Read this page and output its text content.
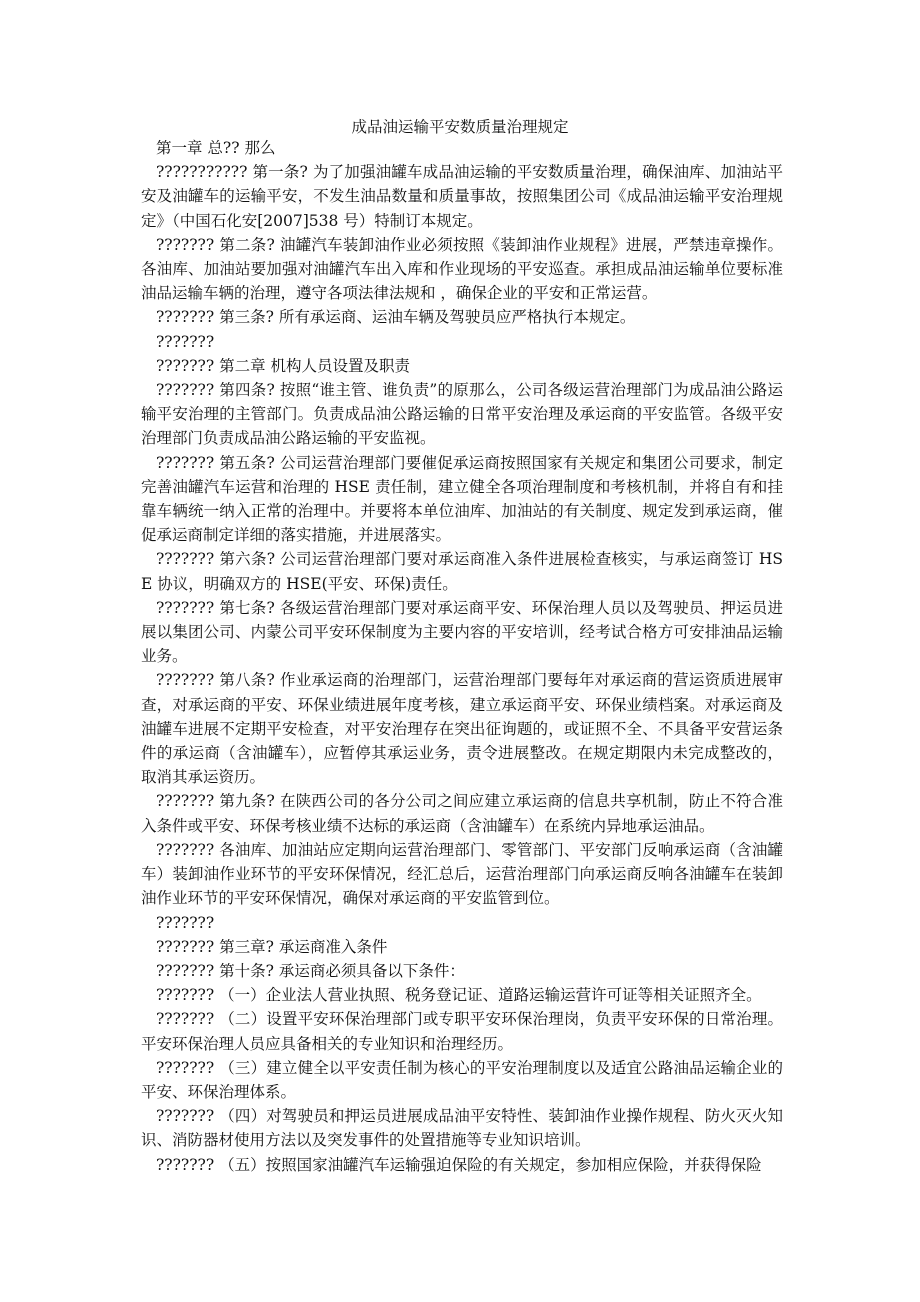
成品油运输平安数质量治理规定

第一章 总?? 那么

??????????? 第一条? 为了加强油罐车成品油运输的平安数质量治理，确保油库、加油站平安及油罐车的运输平安，不发生油品数量和质量事故，按照集团公司《成品油运输平安治理规定》（中国石化安[2007]538 号）特制订本规定。

??????? 第二条? 油罐汽车装卸油作业必须按照《装卸油作业规程》进展，严禁违章操作。各油库、加油站要加强对油罐汽车出入库和作业现场的平安巡查。承担成品油运输单位要标准油品运输车辆的治理，遵守各项法律法规和 ，确保企业的平安和正常运营。

??????? 第三条? 所有承运商、运油车辆及驾驶员应严格执行本规定。

???????

??????? 第二章 机构人员设置及职责

??????? 第四条? 按照“谁主管、谁负责”的原那么，公司各级运营治理部门为成品油公路运输平安治理的主管部门。负责成品油公路运输的日常平安治理及承运商的平安监管。各级平安治理部门负责成品油公路运输的平安监视。

??????? 第五条? 公司运营治理部门要催促承运商按照国家有关规定和集团公司要求，制定完善油罐汽车运营和治理的 HSE 责任制，建立健全各项治理制度和考核机制，并将自有和挂靠车辆统一纳入正常的治理中。并要将本单位油库、加油站的有关制度、规定发到承运商，催促承运商制定详细的落实措施，并进展落实。

??????? 第六条? 公司运营治理部门要对承运商准入条件进展检查核实，与承运商签订 HSE 协议，明确双方的 HSE(平安、环保)责任。

??????? 第七条? 各级运营治理部门要对承运商平安、环保治理人员以及驾驶员、押运员进展以集团公司、内蒙公司平安环保制度为主要内容的平安培训，经考试合格方可安排油品运输业务。

??????? 第八条? 作业承运商的治理部门，运营治理部门要每年对承运商的营运资质进展审查，对承运商的平安、环保业绩进展年度考核，建立承运商平安、环保业绩档案。对承运商及油罐车进展不定期平安检查，对平安治理存在突出征询题的，或证照不全、不具备平安营运条件的承运商（含油罐车），应暂停其承运业务，责令进展整改。在规定期限内未完成整改的，取消其承运资历。

??????? 第九条? 在陕西公司的各分公司之间应建立承运商的信息共享机制，防止不符合准入条件或平安、环保考核业绩不达标的承运商（含油罐车）在系统内异地承运油品。

??????? 各油库、加油站应定期向运营治理部门、零管部门、平安部门反响承运商（含油罐车）装卸油作业环节的平安环保情况，经汇总后，运营治理部门向承运商反响各油罐车在装卸油作业环节的平安环保情况，确保对承运商的平安监管到位。

???????

??????? 第三章? 承运商准入条件

??????? 第十条? 承运商必须具备以下条件：

??????? （一）企业法人营业执照、税务登记证、道路运输运营许可证等相关证照齐全。

??????? （二）设置平安环保治理部门或专职平安环保治理岗，负责平安环保的日常治理。平安环保治理人员应具备相关的专业知识和治理经历。

??????? （三）建立健全以平安责任制为核心的平安治理制度以及适宜公路油品运输企业的平安、环保治理体系。

??????? （四）对驾驶员和押运员进展成品油平安特性、装卸油作业操作规程、防火灭火知识、消防器材使用方法以及突发事件的处置措施等专业知识培训。

??????? （五）按照国家油罐汽车运输强迫保险的有关规定，参加相应保险，并获得保险
